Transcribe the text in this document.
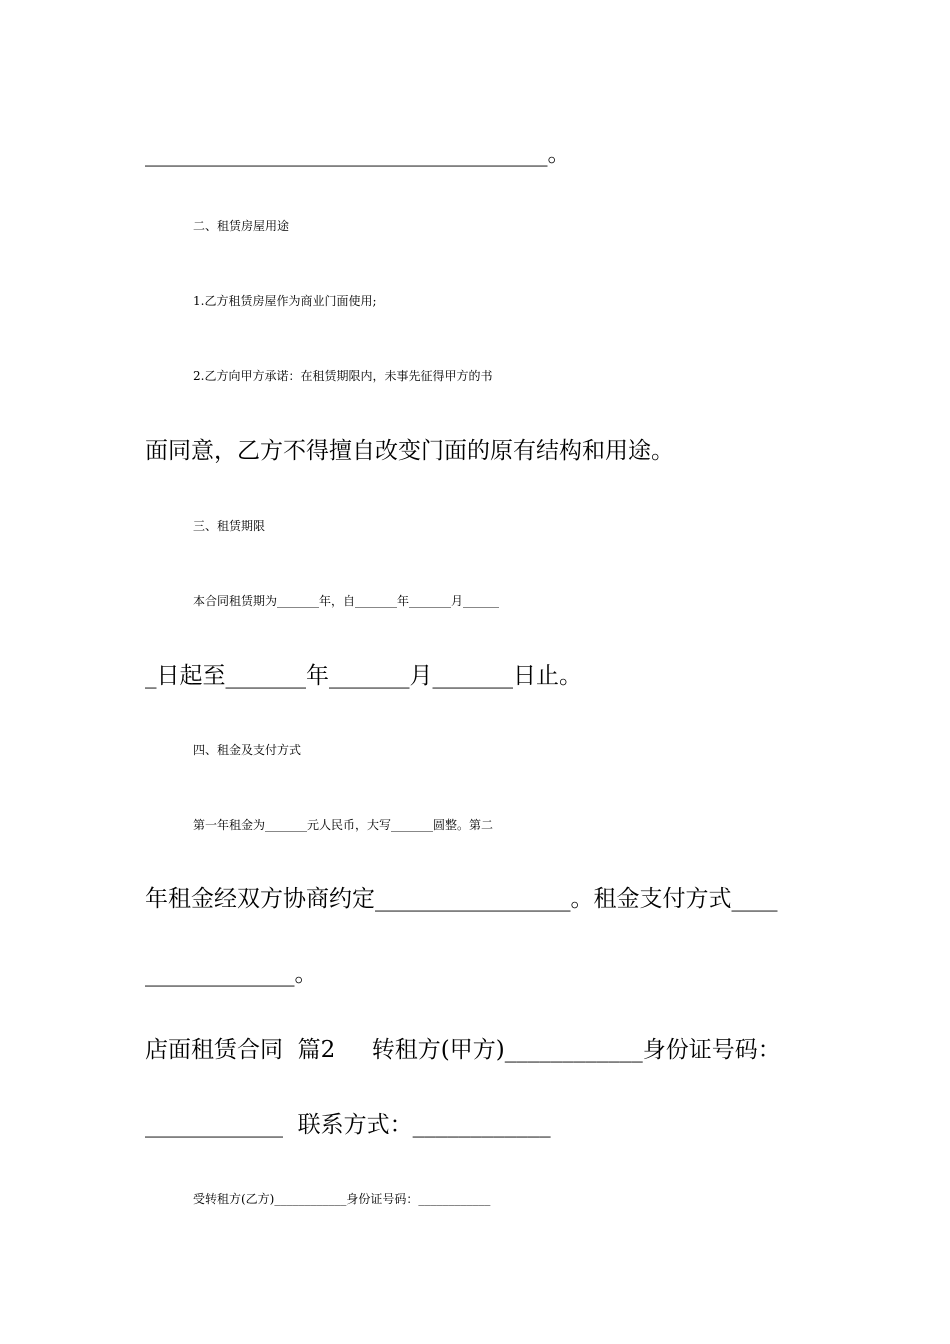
___________________________________。
二、租赁房屋用途
1.乙方租赁房屋作为商业门面使用;
2.乙方向甲方承诺：在租赁期限内，未事先征得甲方的书
面同意，乙方不得擅自改变门面的原有结构和用途。
三、租赁期限
本合同租赁期为_______年，自_______年_______月______
_日起至_______年_______月_______日止。
四、租金及支付方式
第一年租金为_______元人民币，大写_______圆整。第二
年租金经双方协商约定_________________。租金支付方式____
_____________。
店面租赁合同  篇2     转租方(甲方)____________身份证号码：
____________  联系方式：____________
受转租方(乙方)____________身份证号码：____________
